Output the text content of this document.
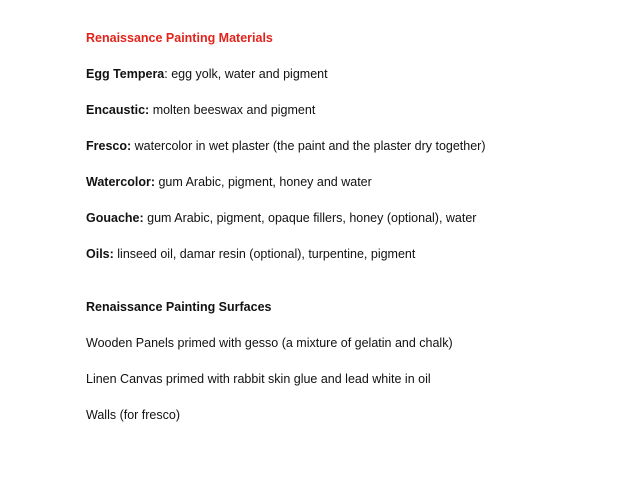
Renaissance Painting Materials
Egg Tempera: egg yolk, water and pigment
Encaustic: molten beeswax and pigment
Fresco: watercolor in wet plaster (the paint and the plaster dry together)
Watercolor: gum Arabic, pigment, honey and water
Gouache: gum Arabic, pigment, opaque fillers, honey (optional), water
Oils: linseed oil, damar resin (optional), turpentine, pigment
Renaissance Painting Surfaces
Wooden Panels primed with gesso (a mixture of gelatin and chalk)
Linen Canvas primed with rabbit skin glue and lead white in oil
Walls (for fresco)
